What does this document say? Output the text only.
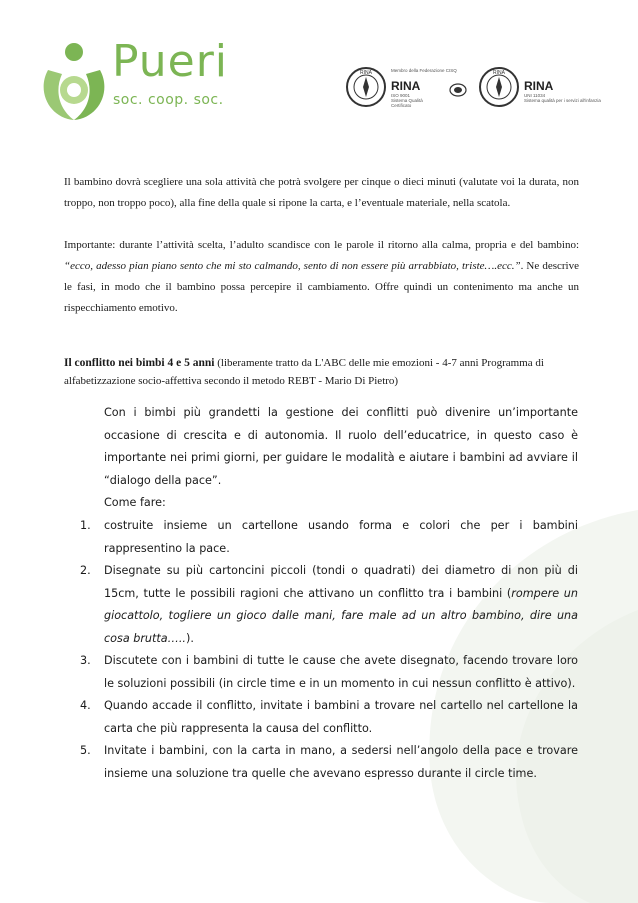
Pueri
soc. coop. soc.
RINA	Membro della Federazione CISQ
RINA
ISO 9001
Sistema Qualità Certificato
RINA
RINA
UNI 11034
Sistema qualità per i servizi all'infanzia
Il bambino dovrà scegliere una sola attività che potrà svolgere per cinque o dieci minuti (valutate voi la durata, non troppo, non troppo poco), alla fine della quale si ripone la carta, e l’eventuale materiale, nella scatola.
Importante: durante l’attività scelta, l’adulto scandisce con le parole il ritorno alla calma, propria e del bambino: “ecco, adesso pian piano sento che mi sto calmando, sento di non essere più arrabbiato, triste….ecc.”. Ne descrive le fasi, in modo che il bambino possa percepire il cambiamento. Offre quindi un contenimento ma anche un rispecchiamento emotivo.
Il conflitto nei bimbi 4 e 5 anni (liberamente tratto da L'ABC delle mie emozioni - 4-7 anni Programma di alfabetizzazione socio-affettiva secondo il metodo REBT - Mario Di Pietro)
Con i bimbi più grandetti la gestione dei conflitti può divenire un’importante occasione di crescita e di autonomia. Il ruolo dell’educatrice, in questo caso è importante nei primi giorni, per guidare le modalità e aiutare i bambini ad avviare il “dialogo della pace”.
Come fare:
1. costruite insieme un cartellone usando forma e colori che per i bambini rappresentino la pace.
2. Disegnate su più cartoncini piccoli (tondi o quadrati) dei diametro di non più di 15cm, tutte le possibili ragioni che attivano un conflitto tra i bambini (rompere un giocattolo, togliere un gioco dalle mani, fare male ad un altro bambino, dire una cosa brutta…..).
3. Discutete con i bambini di tutte le cause che avete disegnato, facendo trovare loro le soluzioni possibili (in circle time e in un momento in cui nessun conflitto è attivo).
4. Quando accade il conflitto, invitate i bambini a trovare nel cartello nel cartellone la carta che più rappresenta la causa del conflitto.
5. Invitate i bambini, con la carta in mano, a sedersi nell’angolo della pace e trovare insieme una soluzione tra quelle che avevano espresso durante il circle time.
